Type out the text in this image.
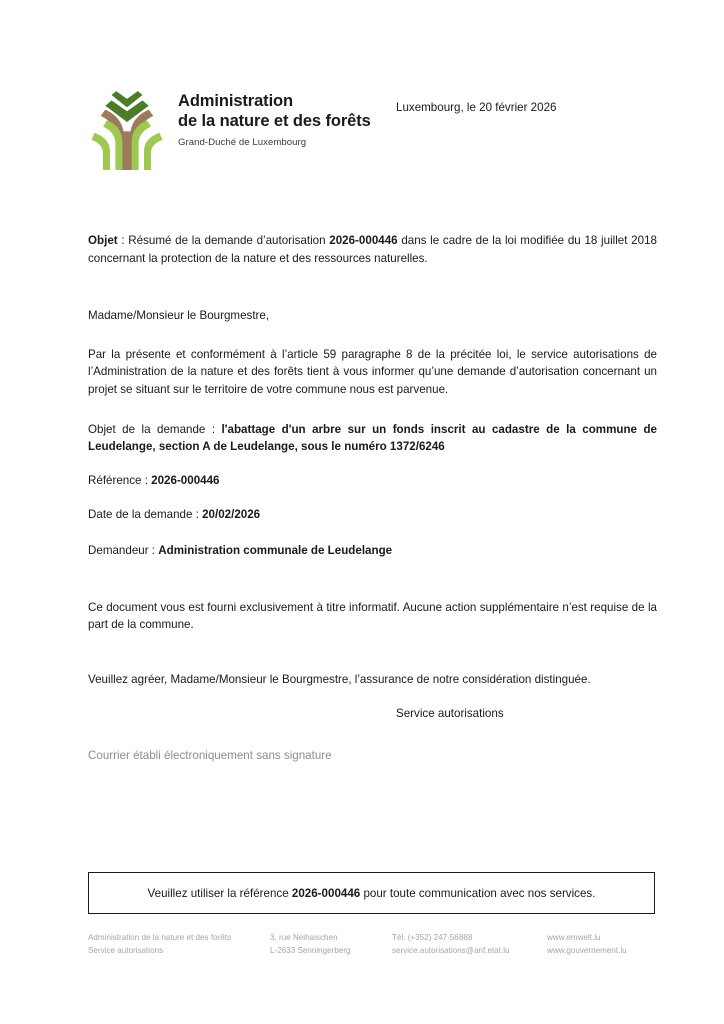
Administration
de la nature et des forêts
Grand-Duché de Luxembourg
Luxembourg, le 20 février 2026

Objet : Résumé de la demande d’autorisation 2026-000446 dans le cadre de la loi modifiée du 18 juillet 2018 concernant la protection de la nature et des ressources naturelles.

Madame/Monsieur le Bourgmestre,

Par la présente et conformément à l’article 59 paragraphe 8 de la précitée loi, le service autorisations de l’Administration de la nature et des forêts tient à vous informer qu’une demande d’autorisation concernant un projet se situant sur le territoire de votre commune nous est parvenue.

Objet de la demande : l'abattage d'un arbre sur un fonds inscrit au cadastre de la commune de Leudelange, section A de Leudelange, sous le numéro 1372/6246

Référence : 2026-000446

Date de la demande : 20/02/2026

Demandeur : Administration communale de Leudelange

Ce document vous est fourni exclusivement à titre informatif. Aucune action supplémentaire n’est requise de la part de la commune.

Veuillez agréer, Madame/Monsieur le Bourgmestre, l’assurance de notre considération distinguée.

Service autorisations
Courrier établi électroniquement sans signature
Veuillez utiliser la référence 2026-000446 pour toute communication avec nos services.
Administration de la nature et des forêts
Service autorisations
3, rue Neihaischen
L-2633 Senningerberg
Tél. (+352) 247-56888
service.autorisations@anf.etat.lu
www.emwelt.lu
www.gouvernement.lu
